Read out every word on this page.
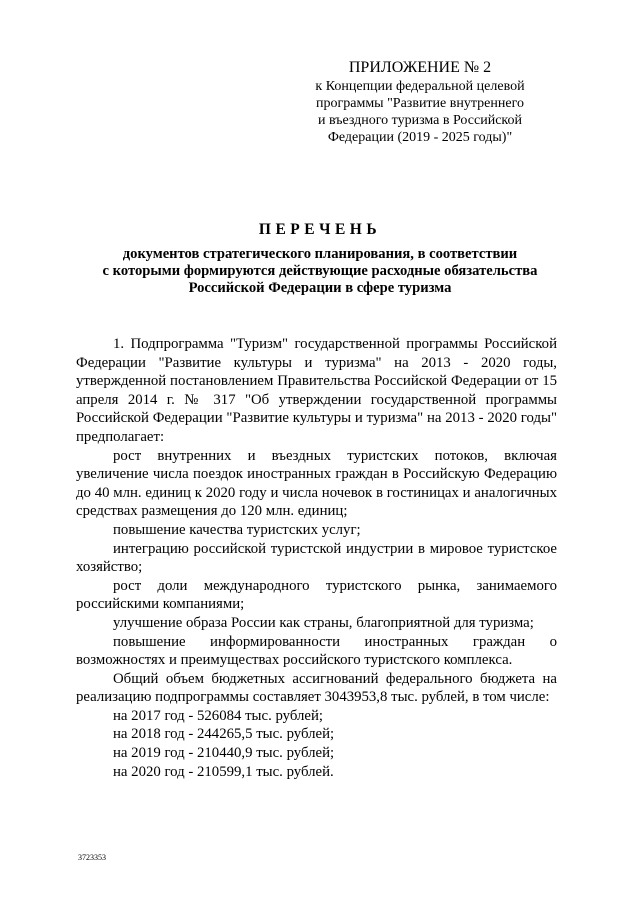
ПРИЛОЖЕНИЕ № 2
к Концепции федеральной целевой
программы "Развитие внутреннего
и въездного туризма в Российской
Федерации (2019 - 2025 годы)"
ПЕРЕЧЕНЬ
документов стратегического планирования, в соответствии
с которыми формируются действующие расходные обязательства
Российской Федерации в сфере туризма

1. Подпрограмма "Туризм" государственной программы Российской Федерации "Развитие культуры и туризма" на 2013 - 2020 годы, утвержденной постановлением Правительства Российской Федерации от 15 апреля 2014 г. № 317 "Об утверждении государственной программы Российской Федерации "Развитие культуры и туризма" на 2013 - 2020 годы" предполагает:

рост внутренних и въездных туристских потоков, включая увеличение числа поездок иностранных граждан в Российскую Федерацию до 40 млн. единиц к 2020 году и числа ночевок в гостиницах и аналогичных средствах размещения до 120 млн. единиц;

повышение качества туристских услуг;

интеграцию российской туристской индустрии в мировое туристское хозяйство;

рост доли международного туристского рынка, занимаемого российскими компаниями;

улучшение образа России как страны, благоприятной для туризма;

повышение информированности иностранных граждан о возможностях и преимуществах российского туристского комплекса.

Общий объем бюджетных ассигнований федерального бюджета на реализацию подпрограммы составляет 3043953,8 тыс. рублей, в том числе:

на 2017 год - 526084 тыс. рублей;

на 2018 год - 244265,5 тыс. рублей;

на 2019 год - 210440,9 тыс. рублей;

на 2020 год - 210599,1 тыс. рублей.

3723353
